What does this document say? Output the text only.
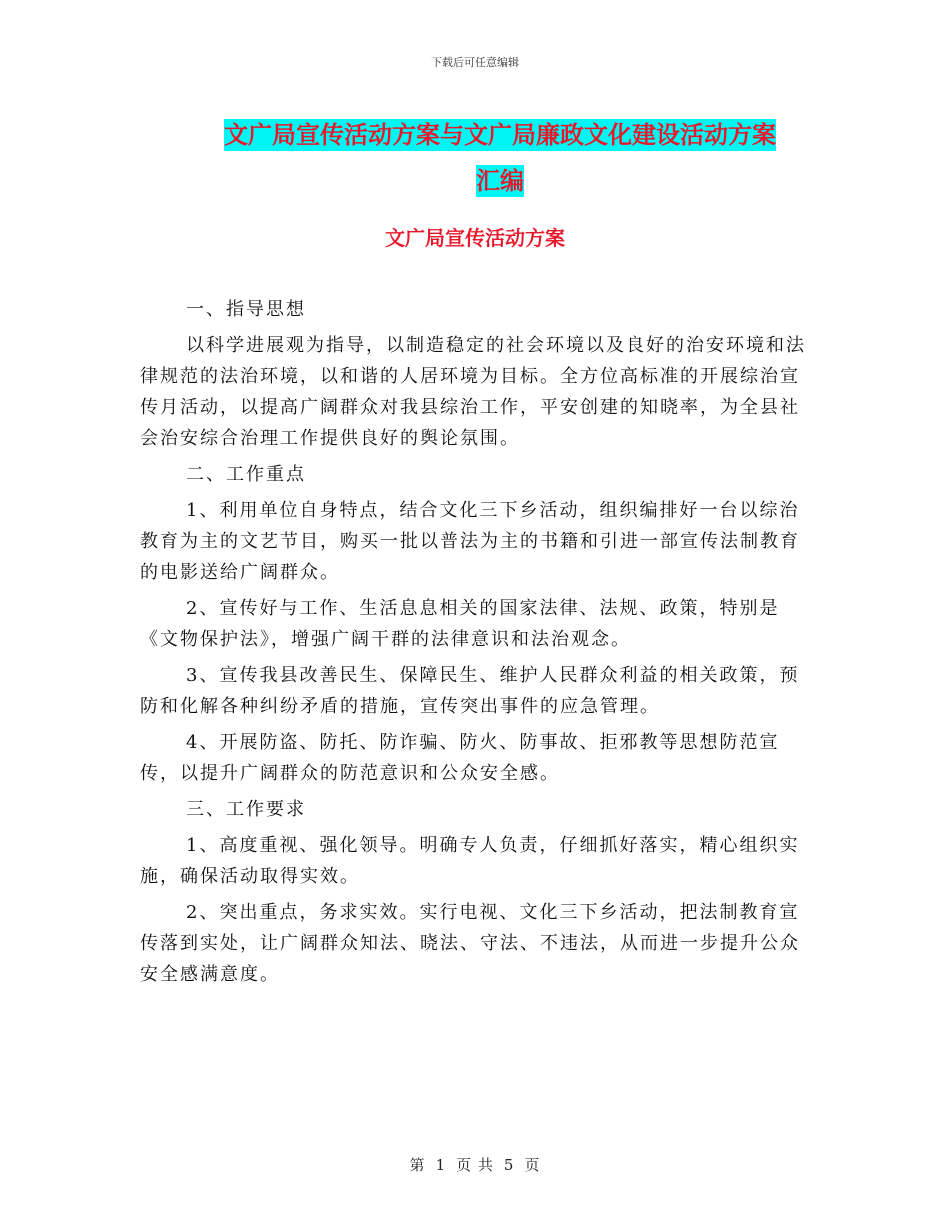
下载后可任意编辑
文广局宣传活动方案与文广局廉政文化建设活动方案
汇编
文广局宣传活动方案

一、指导思想

以科学进展观为指导，以制造稳定的社会环境以及良好的治安环境和法律规范的法治环境，以和谐的人居环境为目标。全方位高标准的开展综治宣传月活动，以提高广阔群众对我县综治工作，平安创建的知晓率，为全县社会治安综合治理工作提供良好的舆论氛围。

二、工作重点

1、利用单位自身特点，结合文化三下乡活动，组织编排好一台以综治教育为主的文艺节目，购买一批以普法为主的书籍和引进一部宣传法制教育的电影送给广阔群众。

2、宣传好与工作、生活息息相关的国家法律、法规、政策，特别是《文物保护法》，增强广阔干群的法律意识和法治观念。

3、宣传我县改善民生、保障民生、维护人民群众利益的相关政策，预防和化解各种纠纷矛盾的措施，宣传突出事件的应急管理。

4、开展防盗、防托、防诈骗、防火、防事故、拒邪教等思想防范宣传，以提升广阔群众的防范意识和公众安全感。

三、工作要求

1、高度重视、强化领导。明确专人负责，仔细抓好落实，精心组织实施，确保活动取得实效。

2、突出重点，务求实效。实行电视、文化三下乡活动，把法制教育宣传落到实处，让广阔群众知法、晓法、守法、不违法，从而进一步提升公众安全感满意度。

第 1 页 共 5 页
